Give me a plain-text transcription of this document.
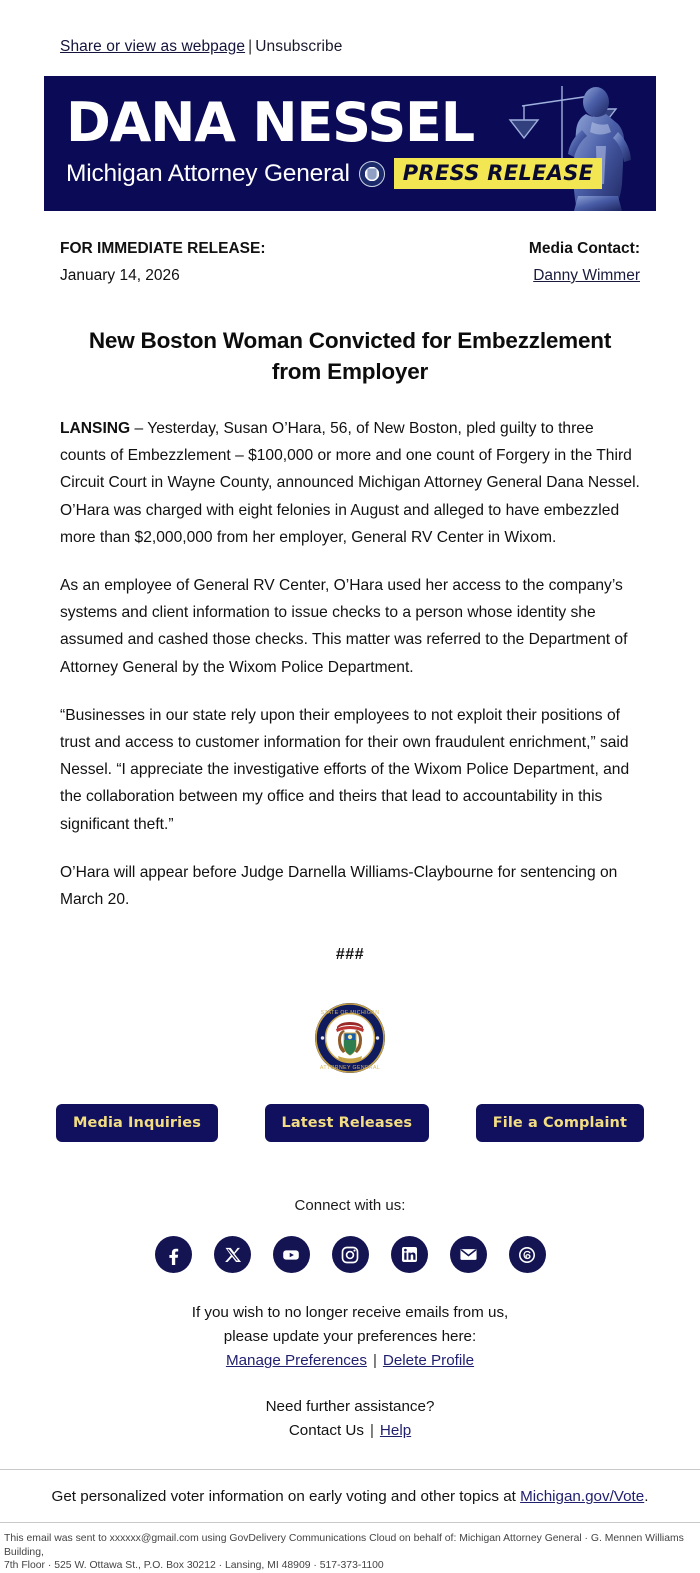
Share or view as webpage | Unsubscribe
DANA NESSEL
Michigan Attorney General	PRESS RELEASE
FOR IMMEDIATE RELEASE:
January 14, 2026
Media Contact:
Danny Wimmer
New Boston Woman Convicted for Embezzlement from Employer

LANSING – Yesterday, Susan O’Hara, 56, of New Boston, pled guilty to three counts of Embezzlement – $100,000 or more and one count of Forgery in the Third Circuit Court in Wayne County, announced Michigan Attorney General Dana Nessel. O’Hara was charged with eight felonies in August and alleged to have embezzled more than $2,000,000 from her employer, General RV Center in Wixom.

As an employee of General RV Center, O’Hara used her access to the company’s systems and client information to issue checks to a person whose identity she assumed and cashed those checks. This matter was referred to the Department of Attorney General by the Wixom Police Department.

“Businesses in our state rely upon their employees to not exploit their positions of trust and access to customer information for their own fraudulent enrichment,” said Nessel. “I appreciate the investigative efforts of the Wixom Police Department, and the collaboration between my office and theirs that lead to accountability in this significant theft.”

O’Hara will appear before Judge Darnella Williams-Claybourne for sentencing on March 20.

###
STATE OF MICHIGAN
ATTORNEY GENERAL
Media Inquiries	Latest Releases	File a Complaint
Connect with us:
If you wish to no longer receive emails from us,
please update your preferences here:
Manage Preferences | Delete Profile
Need further assistance?
Contact Us | Help
Get personalized voter information on early voting and other topics at Michigan.gov/Vote.
This email was sent to xxxxxx@gmail.com using GovDelivery Communications Cloud on behalf of: Michigan Attorney General · G. Mennen Williams Building,
7th Floor · 525 W. Ottawa St., P.O. Box 30212 · Lansing, MI 48909 · 517-373-1100
